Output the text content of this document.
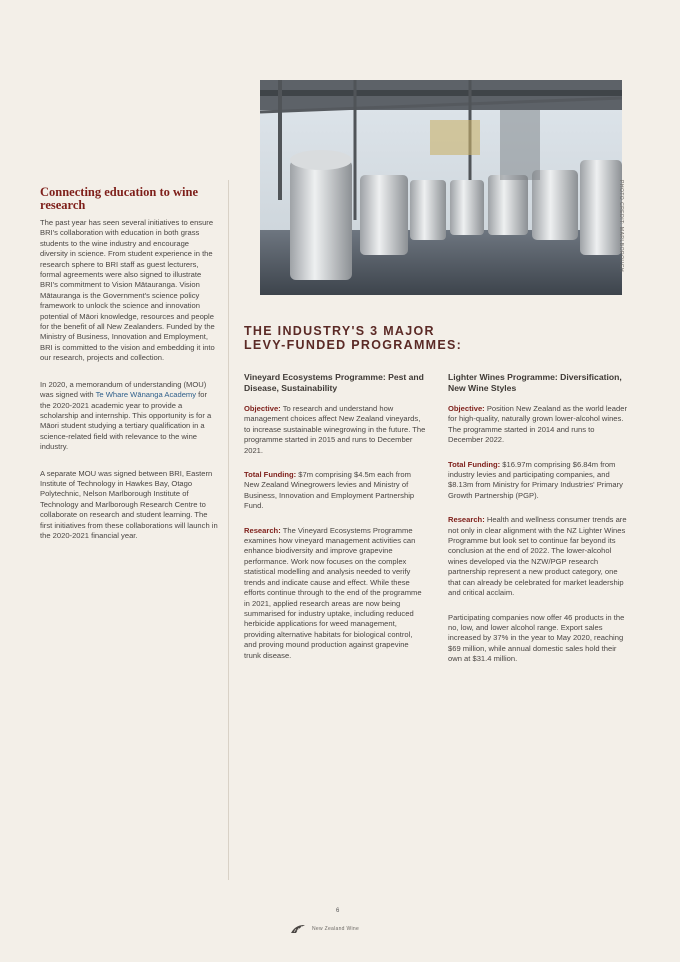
PHOTO CREDIT: MARLBOROUGH
Connecting education to wine research

The past year has seen several initiatives to ensure BRI's collaboration with education in both grass students to the wine industry and encourage diversity in science. From student experience in the research sphere to BRI staff as guest lecturers, formal agreements were also signed to illustrate BRI's commitment to Vision Mātauranga. Vision Mātauranga is the Government's science policy framework to unlock the science and innovation potential of Māori knowledge, resources and people for the benefit of all New Zealanders. Funded by the Ministry of Business, Innovation and Employment, BRI is committed to the vision and embedding it into our research, projects and collection.

In 2020, a memorandum of understanding (MOU) was signed with Te Whare Wānanga Academy for the 2020-2021 academic year to provide a scholarship and internship. This opportunity is for a Māori student studying a tertiary qualification in a science-related field with relevance to the wine industry.

A separate MOU was signed between BRI, Eastern Institute of Technology in Hawkes Bay, Otago Polytechnic, Nelson Marlborough Institute of Technology and Marlborough Research Centre to collaborate on research and student learning. The first initiatives from these collaborations will launch in the 2020-2021 financial year.

THE INDUSTRY'S 3 MAJOR
LEVY-FUNDED PROGRAMMES:
Vineyard Ecosystems Programme: Pest and Disease, Sustainability

Objective: To research and understand how management choices affect New Zealand vineyards, to increase sustainable winegrowing in the future. The programme started in 2015 and runs to December 2021.

Total Funding: $7m comprising $4.5m each from New Zealand Winegrowers levies and Ministry of Business, Innovation and Employment Partnership Fund.

Research: The Vineyard Ecosystems Programme examines how vineyard management activities can enhance biodiversity and improve grapevine performance. Work now focuses on the complex statistical modelling and analysis needed to verify trends and indicate cause and effect. While these efforts continue through to the end of the programme in 2021, applied research areas are now being summarised for industry uptake, including reduced herbicide applications for weed management, providing alternative habitats for biological control, and proving mound production against grapevine trunk disease.

Lighter Wines Programme: Diversification, New Wine Styles

Objective: Position New Zealand as the world leader for high-quality, naturally grown lower-alcohol wines. The programme started in 2014 and runs to December 2022.

Total Funding: $16.97m comprising $6.84m from industry levies and participating companies, and $8.13m from Ministry for Primary Industries' Primary Growth Partnership (PGP).

Research: Health and wellness consumer trends are not only in clear alignment with the NZ Lighter Wines Programme but look set to continue far beyond its conclusion at the end of 2022. The lower-alcohol wines developed via the NZW/PGP research partnership represent a new product category, one that can already be celebrated for market leadership and critical acclaim.

Participating companies now offer 46 products in the no, low, and lower alcohol range. Export sales increased by 37% in the year to May 2020, reaching $69 million, while annual domestic sales hold their own at $31.4 million.

6
New Zealand Wine
